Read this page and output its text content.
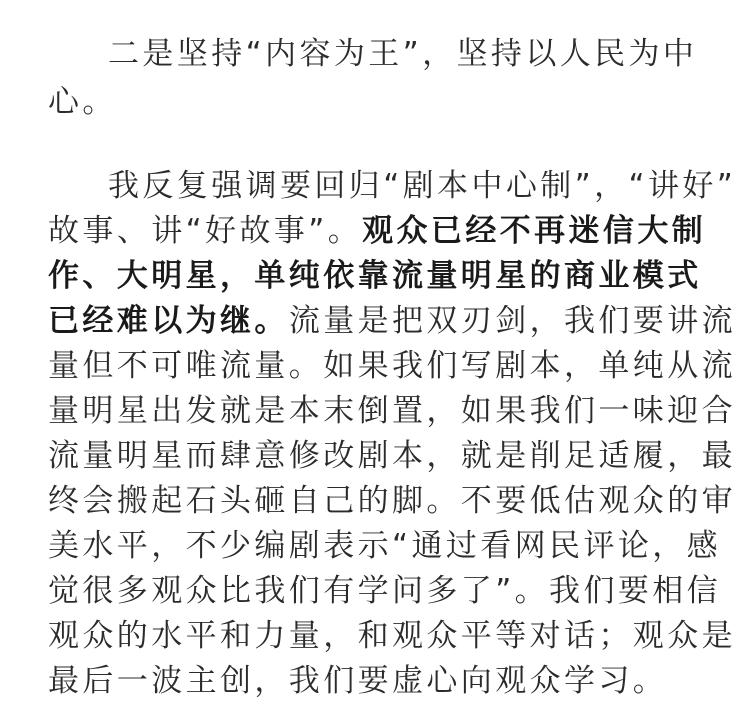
二是坚持“内容为王”，坚持以人民为中
心。
我反复强调要回归“剧本中心制”，“讲好”
故事、讲“好故事”。观众已经不再迷信大制
作、大明星，单纯依靠流量明星的商业模式
已经难以为继。流量是把双刃剑，我们要讲流
量但不可唯流量。如果我们写剧本，单纯从流
量明星出发就是本末倒置，如果我们一味迎合
流量明星而肆意修改剧本，就是削足适履，最
终会搬起石头砸自己的脚。不要低估观众的审
美水平，不少编剧表示“通过看网民评论，感
觉很多观众比我们有学问多了”。我们要相信
观众的水平和力量，和观众平等对话；观众是
最后一波主创，我们要虚心向观众学习。
